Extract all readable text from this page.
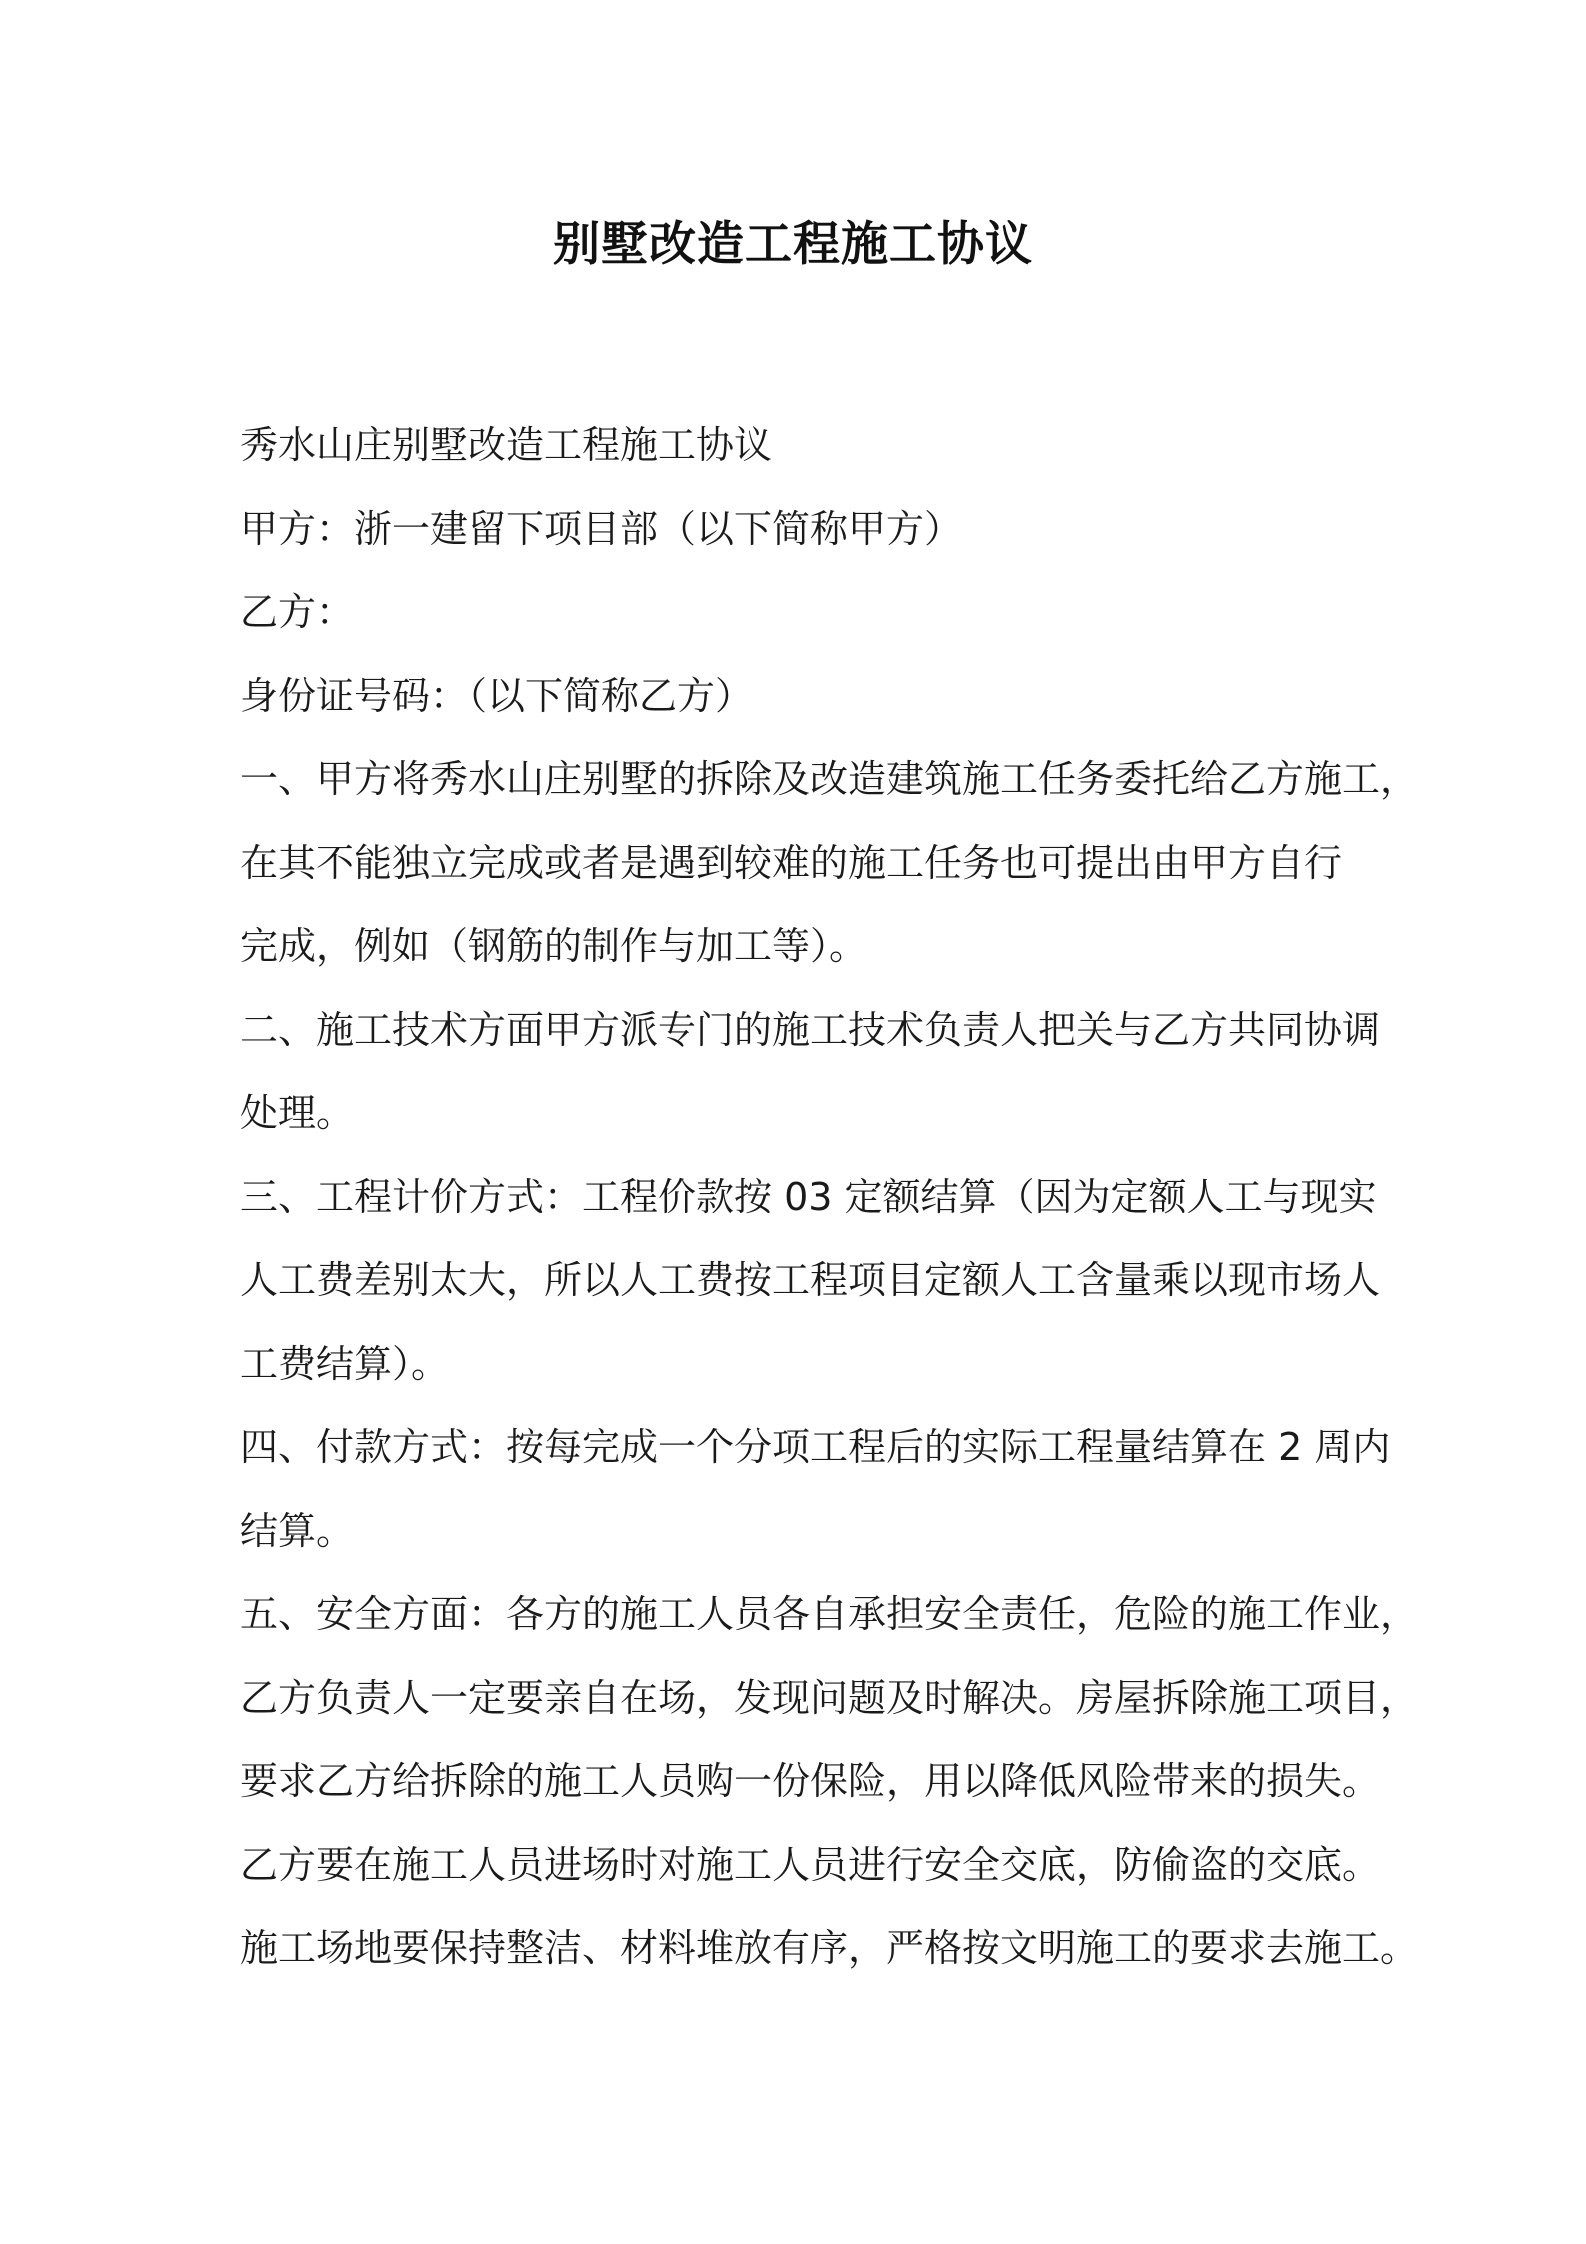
别墅改造工程施工协议

秀水山庄别墅改造工程施工协议

甲方：浙一建留下项目部（以下简称甲方）

乙方：

身份证号码：（以下简称乙方）

一、甲方将秀水山庄别墅的拆除及改造建筑施工任务委托给乙方施工，

在其不能独立完成或者是遇到较难的施工任务也可提出由甲方自行

完成，例如（钢筋的制作与加工等）。

二、施工技术方面甲方派专门的施工技术负责人把关与乙方共同协调

处理。

三、工程计价方式：工程价款按 03 定额结算（因为定额人工与现实

人工费差别太大，所以人工费按工程项目定额人工含量乘以现市场人

工费结算）。

四、付款方式：按每完成一个分项工程后的实际工程量结算在 2 周内

结算。

五、安全方面：各方的施工人员各自承担安全责任，危险的施工作业，

乙方负责人一定要亲自在场，发现问题及时解决。房屋拆除施工项目，

要求乙方给拆除的施工人员购一份保险，用以降低风险带来的损失。

乙方要在施工人员进场时对施工人员进行安全交底，防偷盗的交底。

施工场地要保持整洁、材料堆放有序，严格按文明施工的要求去施工。
